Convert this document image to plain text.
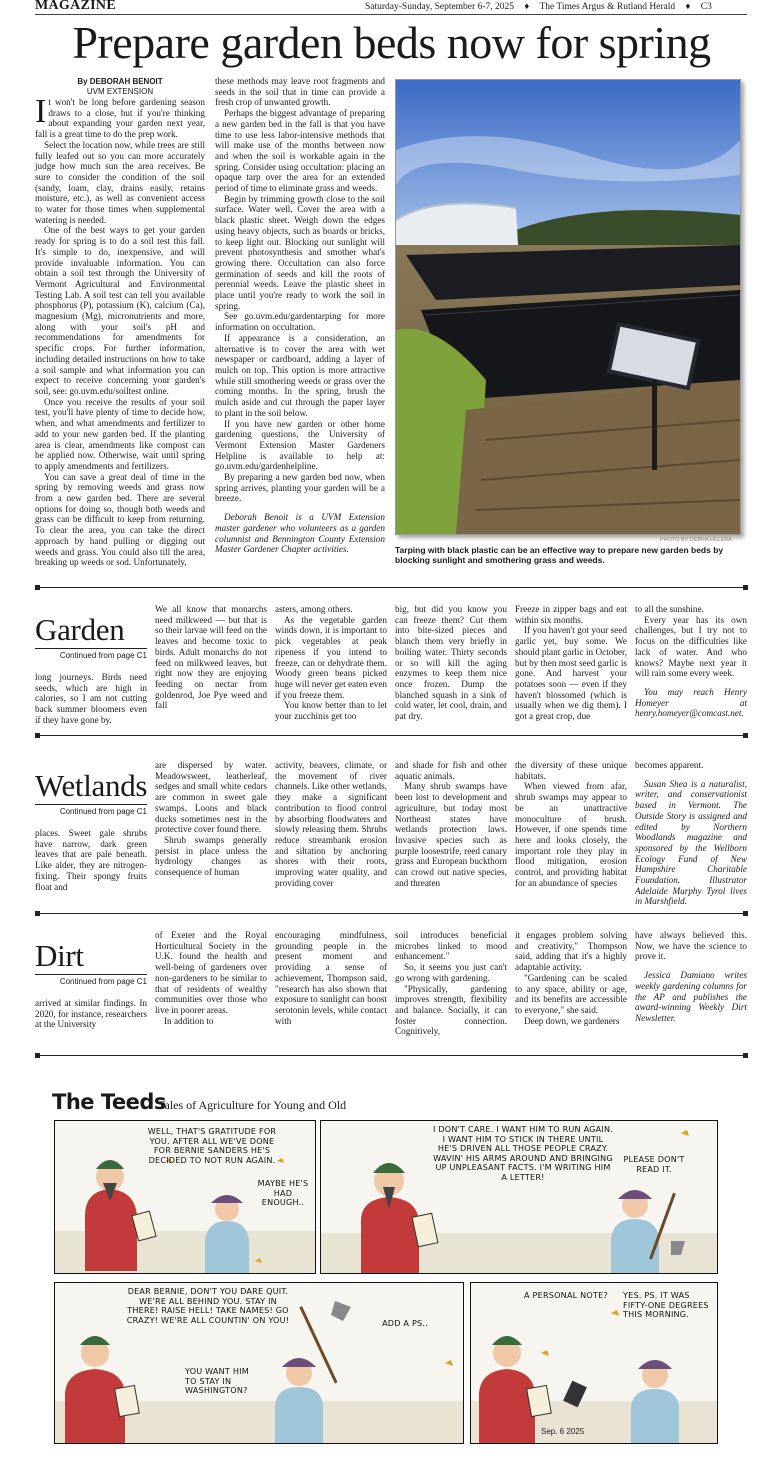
MAGAZINE	Saturday-Sunday, September 6-7, 2025 ♦ The Times Argus & Rutland Herald ♦ C3
Prepare garden beds now for spring
By DEBORAH BENOIT
UVM EXTENSION

It won't be long before gardening season draws to a close, but if you're thinking about expanding your garden next year, fall is a great time to do the prep work.

Select the location now, while trees are still fully leafed out so you can more accurately judge how much sun the area receives. Be sure to consider the condition of the soil (sandy, loam, clay, drains easily, retains moisture, etc.), as well as convenient access to water for those times when supplemental watering is needed.

One of the best ways to get your garden ready for spring is to do a soil test this fall. It's simple to do, inexpensive, and will provide invaluable information. You can obtain a soil test through the University of Vermont Agricultural and Environmental Testing Lab. A soil test can tell you available phosphorus (P), potassium (K), calcium (Ca), magnesium (Mg), micronutrients and more, along with your soil's pH and recommendations for amendments for specific crops. For further information, including detailed instructions on how to take a soil sample and what information you can expect to receive concerning your garden's soil, see: go.uvm.edu/soiltest online.

Once you receive the results of your soil test, you'll have plenty of time to decide how, when, and what amendments and fertilizer to add to your new garden bed. If the planting area is clear, amendments like compost can be applied now. Otherwise, wait until spring to apply amendments and fertilizers.

You can save a great deal of time in the spring by removing weeds and grass now from a new garden bed. There are several options for doing so, though both weeds and grass can be difficult to keep from returning. To clear the area, you can take the direct approach by hand pulling or digging out weeds and grass. You could also till the area, breaking up weeds or sod. Unfortunately,

these methods may leave root fragments and seeds in the soil that in time can provide a fresh crop of unwanted growth.

Perhaps the biggest advantage of preparing a new garden bed in the fall is that you have time to use less labor-intensive methods that will make use of the months between now and when the soil is workable again in the spring. Consider using occultation: placing an opaque tarp over the area for an extended period of time to eliminate grass and weeds.

Begin by trimming growth close to the soil surface. Water well. Cover the area with a black plastic sheet. Weigh down the edges using heavy objects, such as boards or bricks, to keep light out. Blocking out sunlight will prevent photosynthesis and smother what's growing there. Occultation can also force germination of seeds and kill the roots of perennial weeds. Leave the plastic sheet in place until you're ready to work the soil in spring.

See go.uvm.edu/gardentarping for more information on occultation.

If appearance is a consideration, an alternative is to cover the area with wet newspaper or cardboard, adding a layer of mulch on top. This option is more attractive while still smothering weeds or grass over the coming months. In the spring, brush the mulch aside and cut through the paper layer to plant in the soil below.

If you have new garden or other home gardening questions, the University of Vermont Extension Master Gardeners Helpline is available to help at: go.uvm.edu/gardenhelpline.

By preparing a new garden bed now, when spring arrives, planting your garden will be a breeze.

Deborah Benoit is a UVM Extension master gardener who volunteers as a garden columnist and Bennington County Extension Master Gardener Chapter activities.

PHOTO BY DEBRA HELEBA
Tarping with black plastic can be an effective way to prepare new garden beds by blocking sunlight and smothering grass and weeds.
Garden
Continued from page C1
long journeys. Birds need seeds, which are high in calories, so I am not cutting back summer bloomers even if they have gone by.

We all know that monarchs need milkweed — but that is so their larvae will feed on the leaves and become toxic to birds. Adult monarchs do not feed on milkweed leaves, but right now they are enjoying feeding on nectar from goldenrod, Joe Pye weed and fall

asters, among others.

As the vegetable garden winds down, it is important to pick vegetables at peak ripeness if you intend to freeze, can or dehydrate them. Woody green beans picked huge will never get eaten even if you freeze them.

You know better than to let your zucchinis get too

big, but did you know you can freeze them? Cut them into bite-sized pieces and blanch them very briefly in boiling water. Thirty seconds or so will kill the aging enzymes to keep them nice once frozen. Dump the blanched squash in a sink of cold water, let cool, drain, and pat dry.

Freeze in zipper bags and eat within six months.

If you haven't got your seed garlic yet, buy some. We should plant garlic in October, but by then most seed garlic is gone. And harvest your potatoes soon — even if they haven't blossomed (which is usually when we dig them). I got a great crop, due

to all the sunshine.

Every year has its own challenges, but I try not to focus on the difficulties like lack of water. And who knows? Maybe next year it will rain some every week.

You may reach Henry Homeyer at henry.homeyer@comcast.net.

Wetlands
Continued from page C1
places. Sweet gale shrubs have narrow, dark green leaves that are pale beneath. Like alder, they are nitrogen-fixing. Their spongy fruits float and

are dispersed by water. Meadowsweet, leatherleaf, sedges and small white cedars are common in sweet gale swamps. Loons and black ducks sometimes nest in the protective cover found there.

Shrub swamps generally persist in place unless the hydrology changes as consequence of human

activity, beavers, climate, or the movement of river channels. Like other wetlands, they make a significant contribution to flood control by absorbing floodwaters and slowly releasing them. Shrubs reduce streambank erosion and siltation by anchoring shores with their roots, improving water quality, and providing cover

and shade for fish and other aquatic animals.

Many shrub swamps have been lost to development and agriculture, but today most Northeast states have wetlands protection laws. Invasive species such as purple loosestrife, reed canary grass and European buckthorn can crowd out native species, and threaten

the diversity of these unique habitats.

When viewed from afar, shrub swamps may appear to be an unattractive monoculture of brush. However, if one spends time here and looks closely, the important role they play in flood mitigation, erosion control, and providing habitat for an abundance of species

becomes apparent.

Susan Shea is a naturalist, writer, and conservationist based in Vermont. The Outside Story is assigned and edited by Northern Woodlands magazine and sponsored by the Wellborn Ecology Fund of New Hampshire Charitable Foundation. Illustrator Adelaide Murphy Tyrol lives in Marshfield.

Dirt
Continued from page C1
arrived at similar findings. In 2020, for instance, researchers at the University

of Exeter and the Royal Horticultural Society in the U.K. found the health and well-being of gardeners over non-gardeners to be similar to that of residents of wealthy communities over those who live in poorer areas.

In addition to

encouraging mindfulness, grounding people in the present moment and providing a sense of achievement, Thompson said, "research has also shown that exposure to sunlight can boost serotonin levels, while contact with

soil introduces beneficial microbes linked to mood enhancement."

So, it seems you just can't go wrong with gardening.

"Physically, gardening improves strength, flexibility and balance. Socially, it can foster connection. Cognitively,

it engages problem solving and creativity," Thompson said, adding that it's a highly adaptable activity.

"Gardening can be scaled to any space, ability or age, and its benefits are accessible to everyone," she said.

Deep down, we gardeners

have always believed this. Now, we have the science to prove it.

Jessica Damiano writes weekly gardening columns for the AP and publishes the award-winning Weekly Dirt Newsletter.

The Teeds
Tales of Agriculture for Young and Old
WELL, THAT'S GRATITUDE FOR YOU. AFTER ALL WE'VE DONE FOR BERNIE SANDERS HE'S DECIDED TO NOT RUN AGAIN.
MAYBE HE'S HAD ENOUGH..
I DON'T CARE. I WANT HIM TO RUN AGAIN. I WANT HIM TO STICK IN THERE UNTIL HE'S DRIVEN ALL THOSE PEOPLE CRAZY. WAVIN' HIS ARMS AROUND AND BRINGING UP UNPLEASANT FACTS. I'M WRITING HIM A LETTER!
PLEASE DON'T READ IT.
DEAR BERNIE, DON'T YOU DARE QUIT. WE'RE ALL BEHIND YOU. STAY IN THERE! RAISE HELL! TAKE NAMES! GO CRAZY! WE'RE ALL COUNTIN' ON YOU!
YOU WANT HIM TO STAY IN WASHINGTON?
ADD A PS..
A PERSONAL NOTE?	YES. PS. IT WAS FIFTY-ONE DEGREES THIS MORNING.
Sep. 6 2025
